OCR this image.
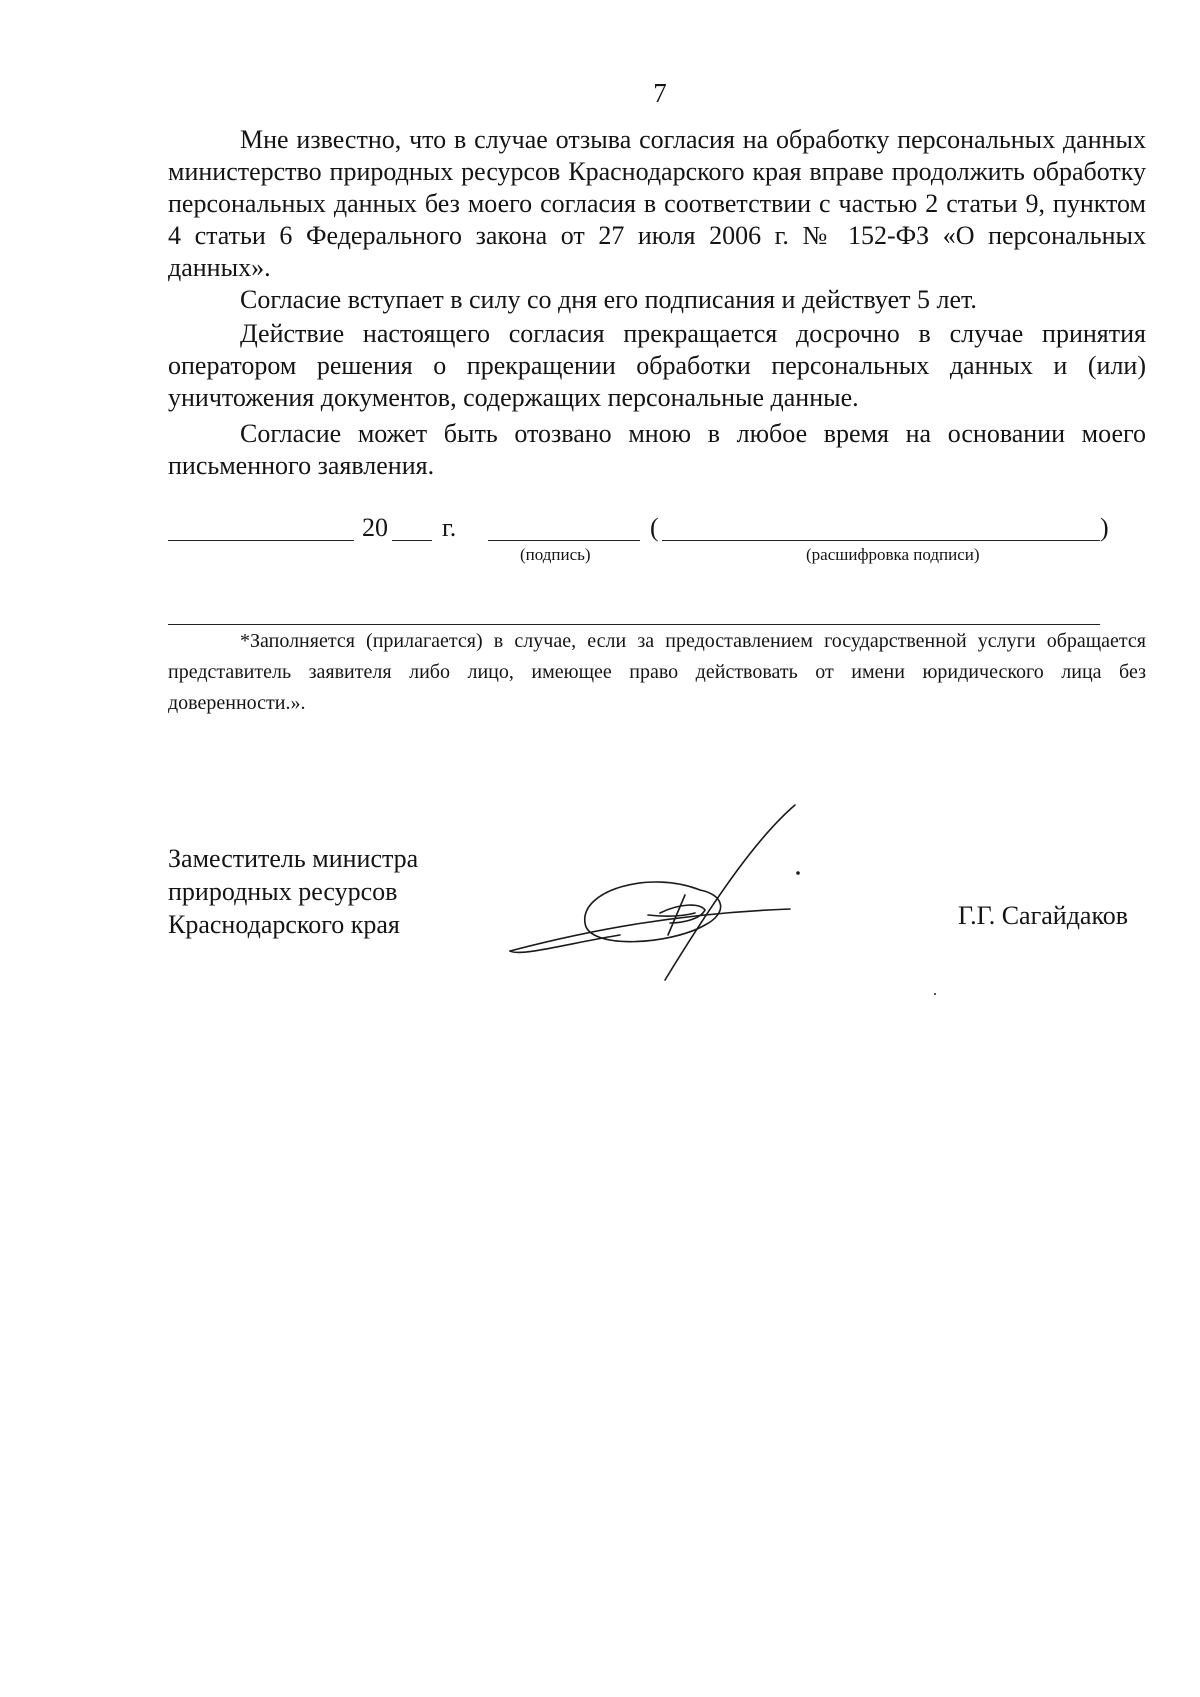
7
Мне известно, что в случае отзыва согласия на обработку персональных данных министерство природных ресурсов Краснодарского края вправе продолжить обработку персональных данных без моего согласия в соответствии с частью 2 статьи 9, пунктом 4 статьи 6 Федерального закона от 27 июля 2006 г. № 152-ФЗ «О персональных данных».
Согласие вступает в силу со дня его подписания и действует 5 лет.
Действие настоящего согласия прекращается досрочно в случае принятия оператором решения о прекращении обработки персональных данных и (или) уничтожения документов, содержащих персональные данные.
Согласие может быть отозвано мною в любое время на основании моего письменного заявления.
20 г.	(	)
(подпись)	(расшифровка подписи)
*Заполняется (прилагается) в случае, если за предоставлением государственной услуги обращается представитель заявителя либо лицо, имеющее право действовать от имени юридического лица без доверенности.».
Заместитель министра
природных ресурсов
Краснодарского края	Г.Г. Сагайдаков
